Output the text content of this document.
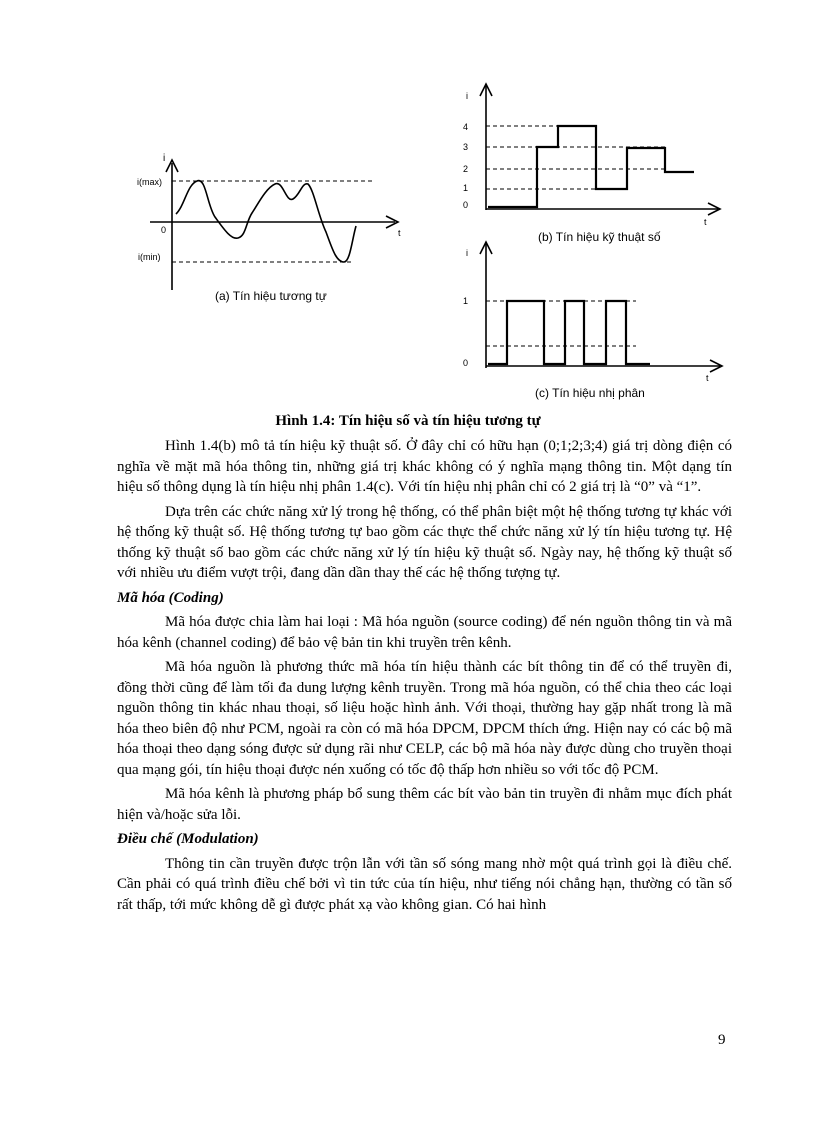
i
i(max)
0	t
i(min)
(a) Tín hiệu tương tự
i
4
3
2
1
0
t
(b) Tín hiệu kỹ thuật số
i
1
0
t
(c) Tín hiệu nhị phân
Hình 1.4: Tín hiệu số và tín hiệu tương tự

Hình 1.4(b) mô tả tín hiệu kỹ thuật số. Ở đây chỉ có hữu hạn (0;1;2;3;4) giá trị dòng điện có nghĩa về mặt mã hóa thông tin, những giá trị khác không có ý nghĩa mạng thông tin. Một dạng tín hiệu số thông dụng là tín hiệu nhị phân 1.4(c). Với tín hiệu nhị phân chỉ có 2 giá trị là “0” và “1”.

Dựa trên các chức năng xử lý trong hệ thống, có thể phân biệt một hệ thống tương tự khác với hệ thống kỹ thuật số. Hệ thống tương tự bao gồm các thực thể chức năng xử lý tín hiệu tương tự. Hệ thống kỹ thuật số bao gồm các chức năng xử lý tín hiệu kỹ thuật số. Ngày nay, hệ thống kỹ thuật số với nhiều ưu điểm vượt trội, đang dần dần thay thế các hệ thống tượng tự.

Mã hóa (Coding)

Mã hóa được chia làm hai loại : Mã hóa nguồn (source coding) để nén nguồn thông tin và mã hóa kênh (channel coding) để bảo vệ bản tin khi truyền trên kênh.

Mã hóa nguồn là phương thức mã hóa tín hiệu thành các bít thông tin để có thể truyền đi, đồng thời cũng để làm tối đa dung lượng kênh truyền. Trong mã hóa nguồn, có thể chia theo các loại nguồn thông tin khác nhau thoại, số liệu hoặc hình ảnh. Với thoại, thường hay gặp nhất trong là mã hóa theo biên độ như PCM, ngoài ra còn có mã hóa DPCM, DPCM thích ứng. Hiện nay có các bộ mã hóa thoại theo dạng sóng được sử dụng rãi như CELP, các bộ mã hóa này được dùng cho truyền thoại qua mạng gói, tín hiệu thoại được nén xuống có tốc độ thấp hơn nhiều so với tốc độ PCM.

Mã hóa kênh là phương pháp bổ sung thêm các bít vào bản tin truyền đi nhằm mục đích phát hiện và/hoặc sửa lỗi.

Điều chế (Modulation)

Thông tin cần truyền được trộn lẫn với tần số sóng mang nhờ một quá trình gọi là điều chế. Cần phải có quá trình điều chế bởi vì tin tức của tín hiệu, như tiếng nói chẳng hạn, thường có tần số rất thấp, tới mức không dễ gì được phát xạ vào không gian. Có hai hình

9
